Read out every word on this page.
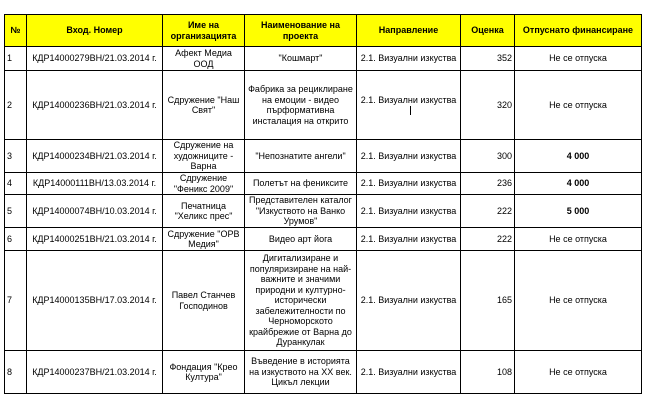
№	Вход. Номер	Име на организацията	Наименование на проекта	Направление	Оценка	Отпуснато финансиране
1	КДР14000279ВН/21.03.2014 г.	Афект Медиа ООД	"Кошмарт"	2.1. Визуални изкуства	352	Не се отпуска
2	КДР14000236ВН/21.03.2014 г.	Сдружение "Наш Свят"	Фабрика за рециклиране на емоции - видео пърформативна инсталация на открито	2.1. Визуални изкуства	320	Не се отпуска
3	КДР14000234ВН/21.03.2014 г.	Сдружение на художниците - Варна	"Непознатите ангели"	2.1. Визуални изкуства	300	4 000
4	КДР14000111ВН/13.03.2014 г.	Сдружение "Феникс 2009"	Полетът на фениксите	2.1. Визуални изкуства	236	4 000
5	КДР14000074ВН/10.03.2014 г.	Печатница "Хеликс прес"	Представителен каталог "Изкуството на Ванко Урумов"	2.1. Визуални изкуства	222	5 000
6	КДР14000251ВН/21.03.2014 г.	Сдружение "ОРВ Медия"	Видео арт йога	2.1. Визуални изкуства	222	Не се отпуска
7	КДР14000135ВН/17.03.2014 г.	Павел Станчев Господинов	Дигитализиране и популяризиране на най-важните и значими природни и културно-исторически забележителности по Черноморското крайбрежие от Варна до Дуранкулак	2.1. Визуални изкуства	165	Не се отпуска
8	КДР14000237ВН/21.03.2014 г.	Фондация "Крео Култура"	Въведение в историята на изкуството на XX век. Цикъл лекции	2.1. Визуални изкуства	108	Не се отпуска
